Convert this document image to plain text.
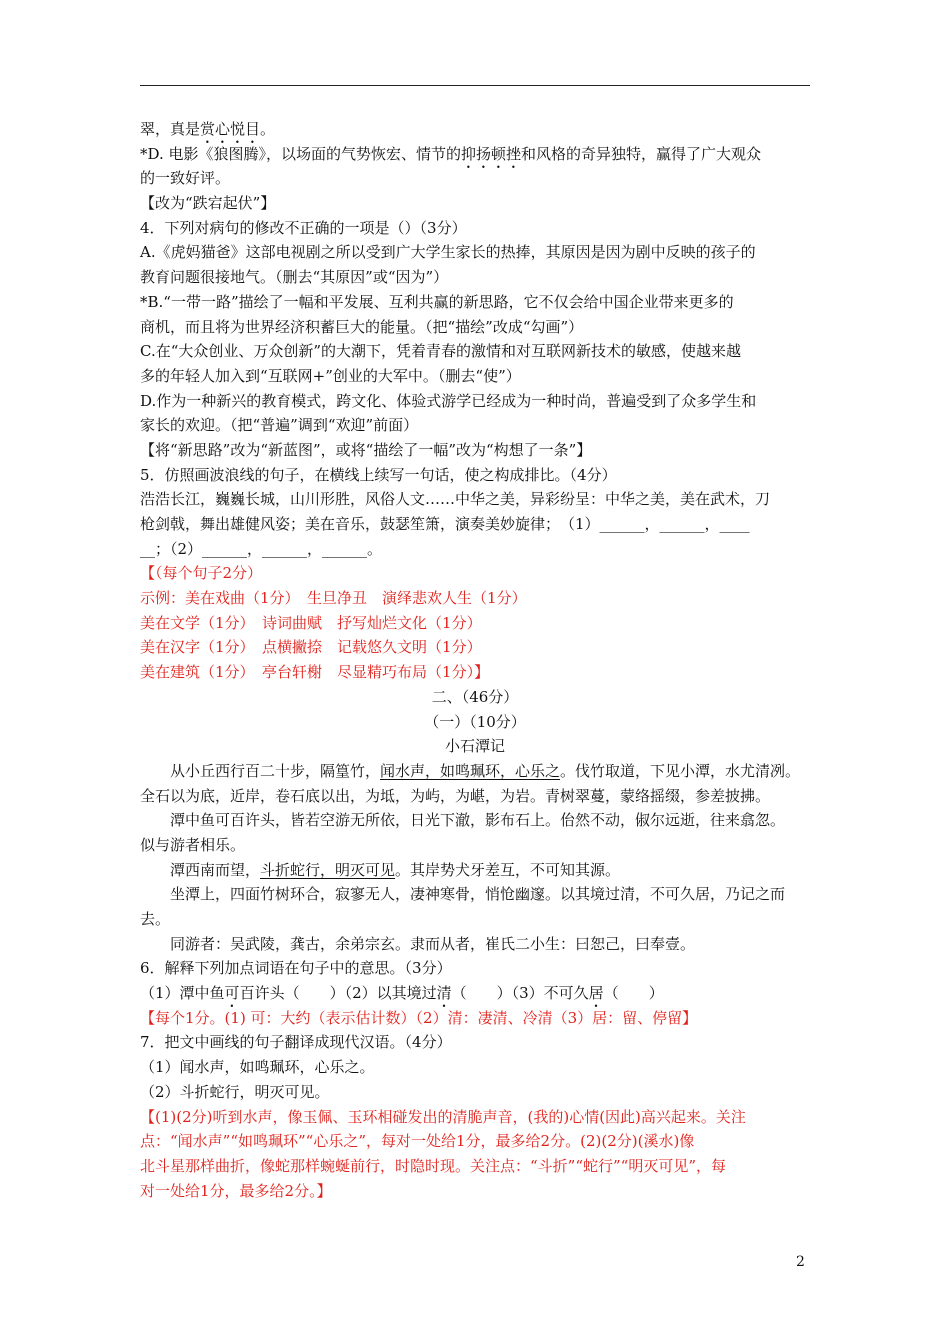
翠，真是赏心悦目。
*D. 电影《狼图腾》，以场面的气势恢宏、情节的抑扬顿挫和风格的奇异独特，赢得了广大观众
的一致好评。
【改为“跌宕起伏”】
4．下列对病句的修改不正确的一项是（）（3分）
A.《虎妈猫爸》这部电视剧之所以受到广大学生家长的热捧，其原因是因为剧中反映的孩子的
教育问题很接地气。（删去“其原因”或“因为”）
*B.“一带一路”描绘了一幅和平发展、互利共赢的新思路，它不仅会给中国企业带来更多的
商机，而且将为世界经济积蓄巨大的能量。（把“描绘”改成“勾画”）
C.在“大众创业、万众创新”的大潮下，凭着青春的激情和对互联网新技术的敏感，使越来越
多的年轻人加入到“互联网+”创业的大军中。（删去“使”）
D.作为一种新兴的教育模式，跨文化、体验式游学已经成为一种时尚，普遍受到了众多学生和
家长的欢迎。（把“普遍”调到“欢迎”前面）
【将“新思路”改为“新蓝图”，或将“描绘了一幅”改为“构想了一条”】
5．仿照画波浪线的句子，在横线上续写一句话，使之构成排比。（4分）
浩浩长江，巍巍长城，山川形胜，风俗人文……中华之美，异彩纷呈：中华之美，美在武术，刀
枪剑戟，舞出雄健风姿；美在音乐，鼓瑟笙箫，演奏美妙旋律；　（1）______，______，____
__；（2）______，______，______。
【（每个句子2分）
示例：美在戏曲（1分）　生旦净丑　演绎悲欢人生（1分）
美在文学（1分）　诗词曲赋　抒写灿烂文化（1分）
美在汉字（1分）　点横撇捺　记载悠久文明（1分）
美在建筑（1分）　亭台轩榭　尽显精巧布局（1分）】
二、（46分）
（一）（10分）
小石潭记
从小丘西行百二十步，隔篁竹，闻水声，如鸣珮环，心乐之。伐竹取道，下见小潭，水尤清冽。
全石以为底，近岸，卷石底以出，为坻，为屿，为嵁，为岩。青树翠蔓，蒙络摇缀，参差披拂。
潭中鱼可百许头，皆若空游无所依，日光下澈，影布石上。佁然不动，俶尔远逝，往来翕忽。
似与游者相乐。
潭西南而望，斗折蛇行，明灭可见。其岸势犬牙差互，不可知其源。
坐潭上，四面竹树环合，寂寥无人，凄神寒骨，悄怆幽邃。以其境过清，不可久居，乃记之而
去。
同游者：吴武陵，龚古，余弟宗玄。隶而从者，崔氏二小生：曰恕己，曰奉壹。
6．解释下列加点词语在句子中的意思。（3分）
（1）潭中鱼可百许头（　　）（2）以其境过清（　　）（3）不可久居（　　）
【每个1分。(1) 可：大约（表示估计数）（2）清：凄清、冷清（3）居：留、停留】
7．把文中画线的句子翻译成现代汉语。（4分）
（1）闻水声，如鸣珮环，心乐之。
（2）斗折蛇行，明灭可见。
【(1)(2分)听到水声，像玉佩、玉环相碰发出的清脆声音，(我的)心情(因此)高兴起来。关注
点：“闻水声”“如鸣珮环”“心乐之”，每对一处给1分，最多给2分。(2)(2分)(溪水)像
北斗星那样曲折，像蛇那样蜿蜒前行，时隐时现。关注点：“斗折”“蛇行”“明灭可见”，每
对一处给1分，最多给2分。】
2
